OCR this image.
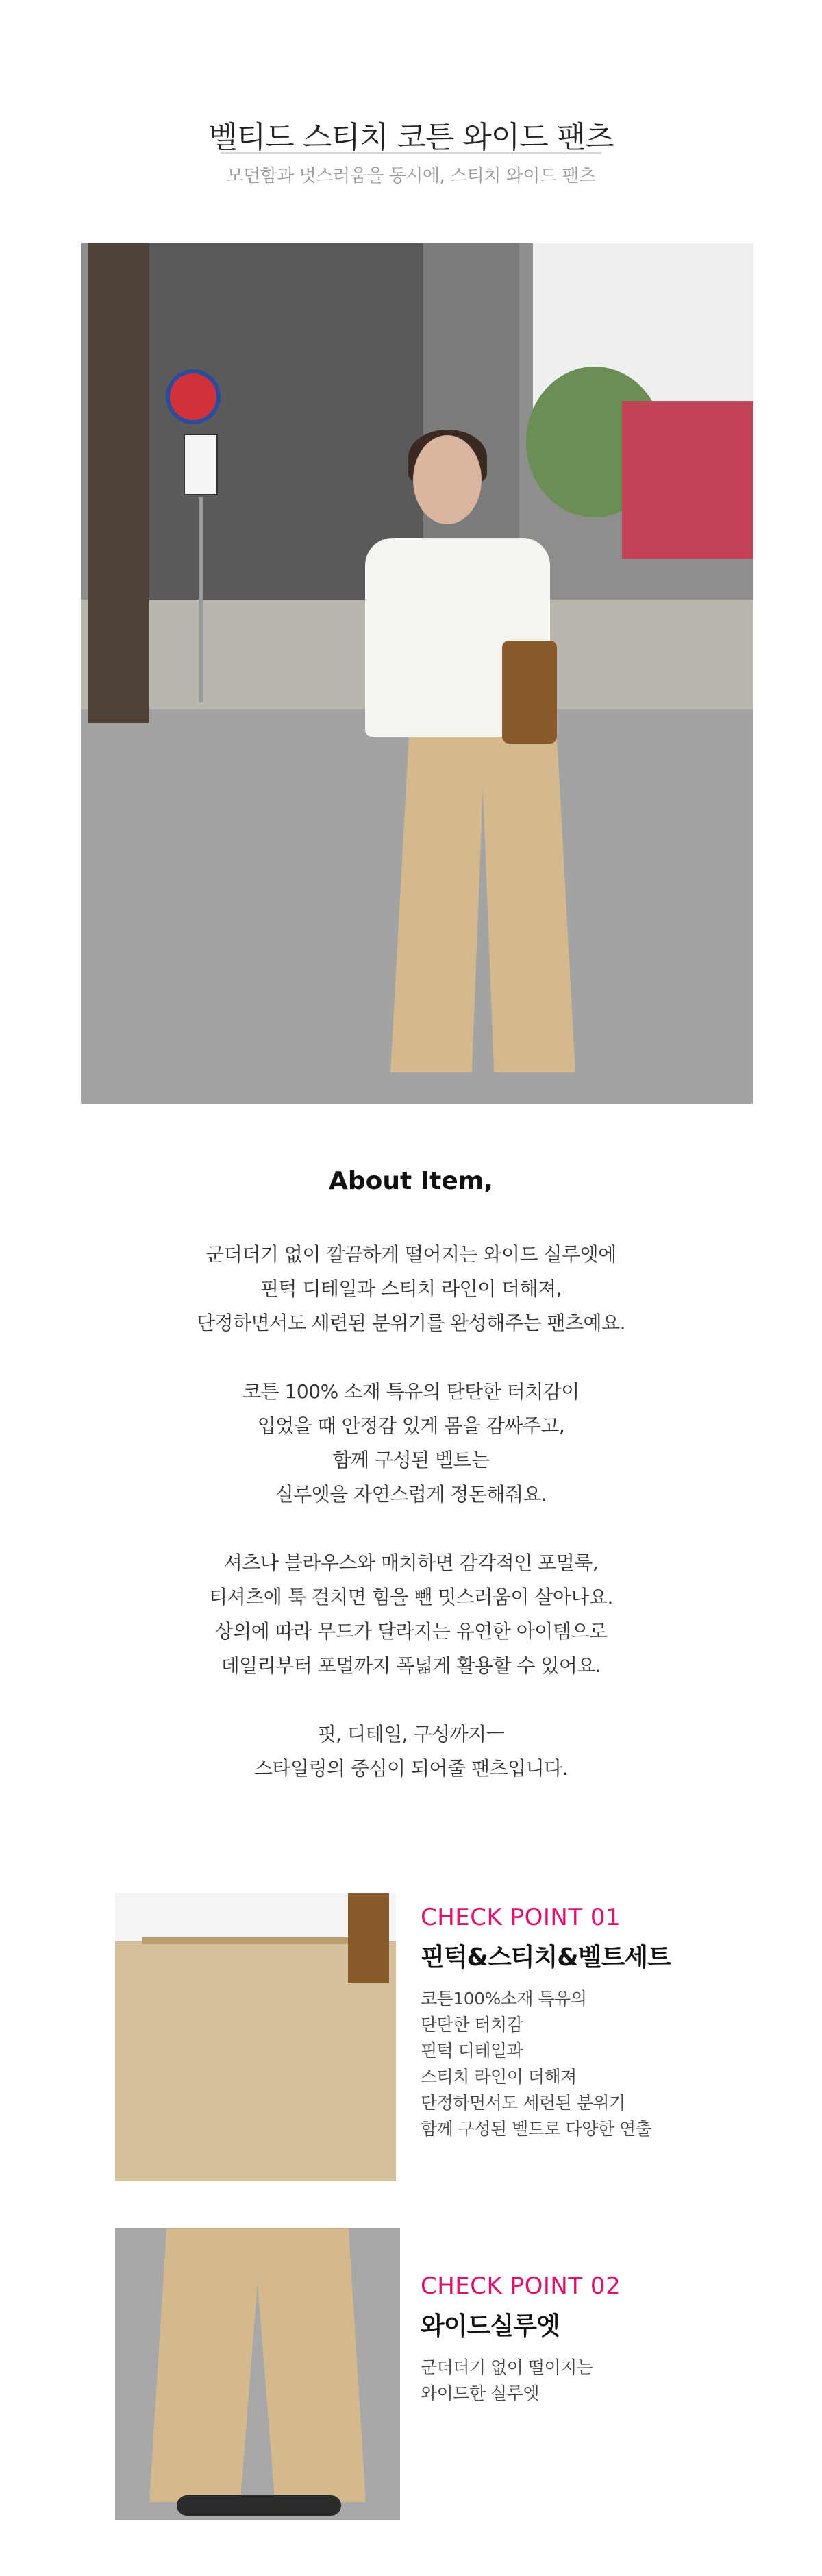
벨티드 스티치 코튼 와이드 팬츠
모던함과 멋스러움을 동시에, 스티치 와이드 팬츠
About Item,
군더더기 없이 깔끔하게 떨어지는 와이드 실루엣에
핀턱 디테일과 스티치 라인이 더해져,
단정하면서도 세련된 분위기를 완성해주는 팬츠예요.
코튼 100% 소재 특유의 탄탄한 터치감이
입었을 때 안정감 있게 몸을 감싸주고,
함께 구성된 벨트는
실루엣을 자연스럽게 정돈해줘요.
셔츠나 블라우스와 매치하면 감각적인 포멀룩,
티셔츠에 툭 걸치면 힘을 뺀 멋스러움이 살아나요.
상의에 따라 무드가 달라지는 유연한 아이템으로
데일리부터 포멀까지 폭넓게 활용할 수 있어요.
핏, 디테일, 구성까지ㅡ
스타일링의 중심이 되어줄 팬츠입니다.
CHECK POINT 01
핀턱&스티치&벨트세트
코튼100%소재 특유의
탄탄한 터치감
핀턱 디테일과
스티치 라인이 더해져
단정하면서도 세련된 분위기
함께 구성된 벨트로 다양한 연출
CHECK POINT 02
와이드실루엣
군더더기 없이 떨이지는
와이드한 실루엣
